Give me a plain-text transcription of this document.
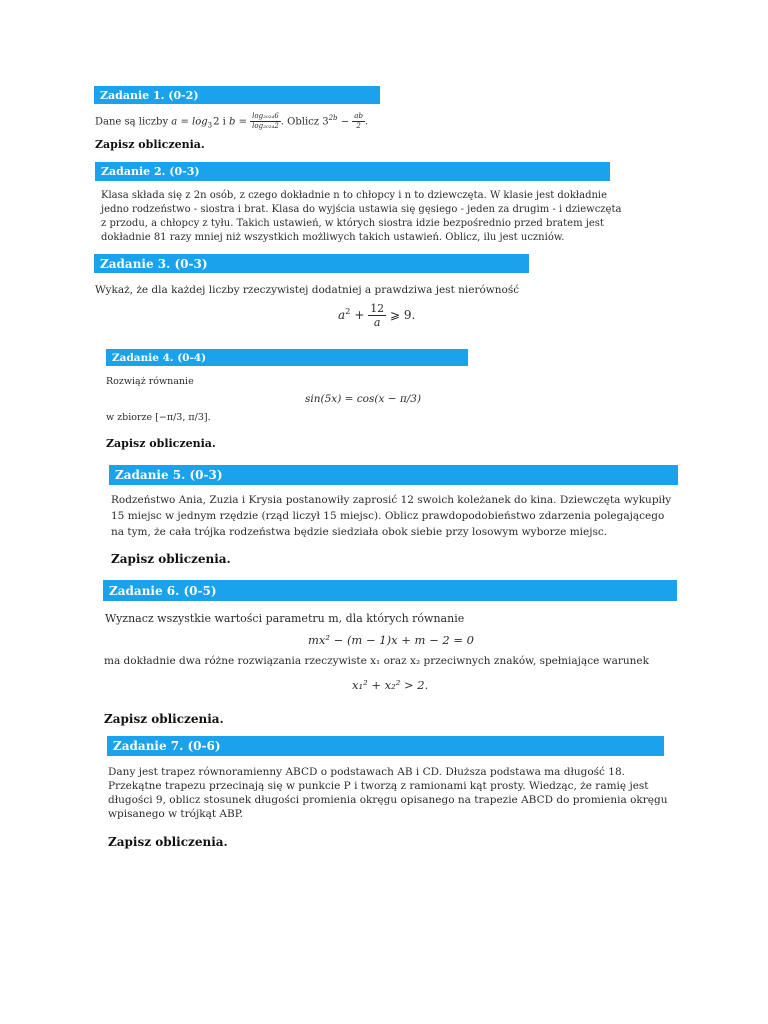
Zadanie 1. (0-2)
Dane są liczby $a = \log_3$ 2 i $b = \frac{\text{log₂₀₂₄6}}{\text{log₂₀₂₄2}}$ . Oblicz $3^{2b} - \frac{ab}{2}$ .
Zapisz obliczenia.
Zadanie 2. (0-3)
Klasa składa się z 2n osób, z czego dokładnie n to chłopcy i n to dziewczęta. W klasie jest dokładnie
jedno rodzeństwo - siostra i brat. Klasa do wyjścia ustawia się gęsiego - jeden za drugim - i dziewczęta
z przodu, a chłopcy z tyłu. Takich ustawień, w których siostra idzie bezpośrednio przed bratem jest
dokładnie 81 razy mniej niż wszystkich możliwych takich ustawień. Oblicz, ilu jest uczniów.
Zadanie 3. (0-3)
Wykaż, że dla każdej liczby rzeczywistej dodatniej a prawdziwa jest nierówność
$a^2 + \frac{12}{a}$ ⩾ 9.
Zadanie 4. (0-4)
Rozwiąż równanie
sin(5x) = cos(x − π/3)
w zbiorze [−π/3, π/3].
Zapisz obliczenia.
Zadanie 5. (0-3)
Rodzeństwo Ania, Zuzia i Krysia postanowiły zaprosić 12 swoich koleżanek do kina. Dziewczęta wykupiły
15 miejsc w jednym rzędzie (rząd liczył 15 miejsc). Oblicz prawdopodobieństwo zdarzenia polegającego
na tym, że cała trójka rodzeństwa będzie siedziała obok siebie przy losowym wyborze miejsc.
Zapisz obliczenia.
Zadanie 6. (0-5)
Wyznacz wszystkie wartości parametru m, dla których równanie
mx² − (m − 1)x + m − 2 = 0
ma dokładnie dwa różne rozwiązania rzeczywiste x₁ oraz x₂ przeciwnych znaków, spełniające warunek
x₁² + x₂² > 2.
Zapisz obliczenia.
Zadanie 7. (0-6)
Dany jest trapez równoramienny ABCD o podstawach AB i CD. Dłuższa podstawa ma długość 18.
Przekątne trapezu przecinają się w punkcie P i tworzą z ramionami kąt prosty. Wiedząc, że ramię jest
długości 9, oblicz stosunek długości promienia okręgu opisanego na trapezie ABCD do promienia okręgu
wpisanego w trójkąt ABP.
Zapisz obliczenia.
